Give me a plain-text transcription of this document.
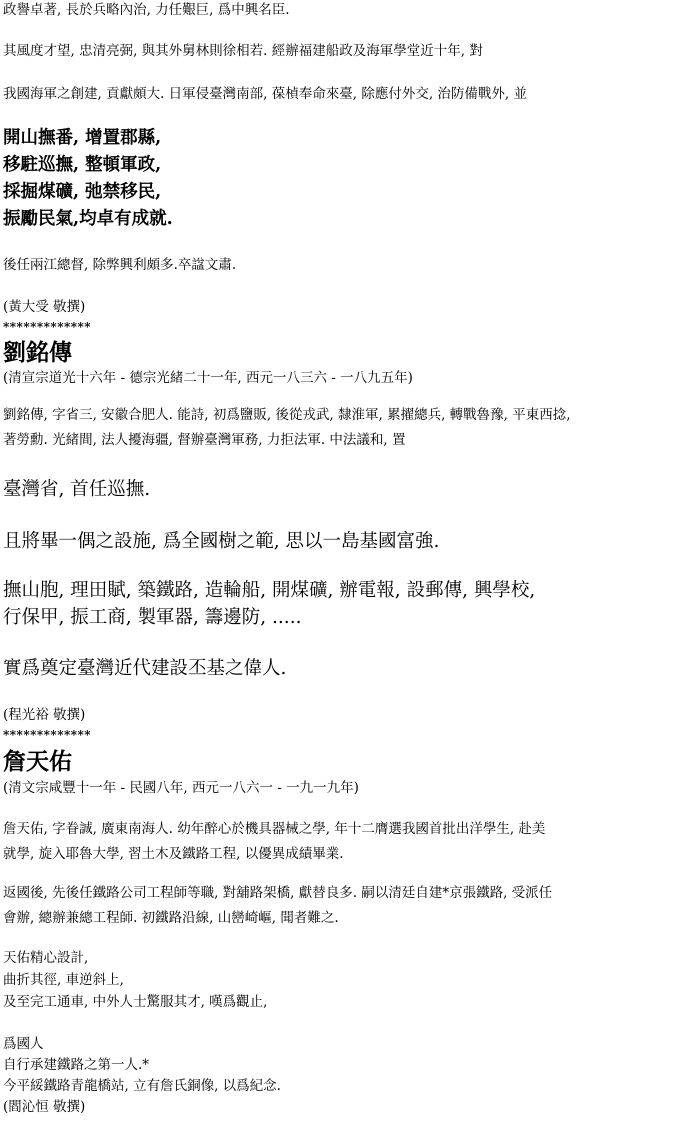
政譽卓著, 長於兵略內治, 力任艱巨, 爲中興名臣.
其風度才望, 忠清亮弼, 與其外舅林則徐相若. 經辦福建船政及海軍學堂近十年, 對
我國海軍之創建, 貢獻頗大. 日軍侵臺灣南部, 葆楨奉命來臺, 除應付外交, 治防備戰外, 並
開山撫番, 增置郡縣,
移駐巡撫, 整頓軍政,
採掘煤礦, 弛禁移民,
振勵民氣,均卓有成就.
後任兩江總督, 除弊興利頗多.卒諡文肅.
(黃大受 敬撰)
*************
劉銘傳
(清宣宗道光十六年 - 德宗光緒二十一年, 西元一八三六 - 一八九五年)
劉銘傳, 字省三, 安徽合肥人. 能詩, 初爲鹽販, 後從戎武, 隸淮軍, 累擢總兵, 轉戰魯豫, 平東西捻,
著勞勳. 光緒間, 法人擾海疆, 督辦臺灣軍務, 力拒法軍. 中法議和, 置
臺灣省, 首任巡撫.
且將畢一偶之設施, 爲全國樹之範, 思以一島基國富強.
撫山胞, 理田賦, 築鐵路, 造輪船, 開煤礦, 辦電報, 設郵傳, 興學校,
行保甲, 振工商, 製軍器, 籌邊防, .....
實爲奠定臺灣近代建設丕基之偉人.
(程光裕 敬撰)
*************
詹天佑
(清文宗咸豐十一年 - 民國八年, 西元一八六一 - 一九一九年)
詹天佑, 字眷誠, 廣東南海人. 幼年醉心於機具器械之學, 年十二膺選我國首批出洋學生, 赴美
就學, 旋入耶魯大學, 習土木及鐵路工程, 以優異成績畢業.
返國後, 先後任鐵路公司工程師等職, 對舖路架橋, 獻替良多. 嗣以清廷自建*京張鐵路, 受派任
會辦, 總辦兼總工程師. 初鐵路沿線, 山巒崎嶇, 聞者難之.
天佑精心設計,
曲折其徑, 車逆斜上,
及至完工通車, 中外人士驚服其才, 嘆爲觀止,
爲國人
自行承建鐵路之第一人.*
今平綏鐵路青龍橋站, 立有詹氏銅像, 以爲紀念.
(閻沁恒 敬撰)
